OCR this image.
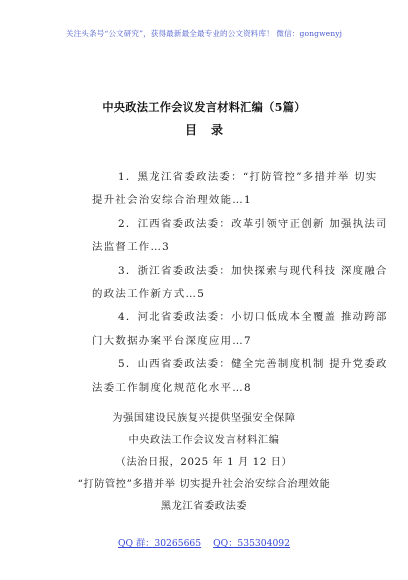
关注头条号“公文研究”，获得最新最全最专业的公文资料库！ 微信：gongwenyj
中央政法工作会议发言材料汇编（5篇）
目录
1．黑龙江省委政法委：“打防管控”多措并举 切实
提升社会治安综合治理效能…1
2．江西省委政法委：改革引领守正创新 加强执法司
法监督工作…3
3．浙江省委政法委：加快探索与现代科技 深度融合
的政法工作新方式…5
4．河北省委政法委：小切口低成本全覆盖 推动跨部
门大数据办案平台深度应用…7
5．山西省委政法委：健全完善制度机制 提升党委政
法委工作制度化规范化水平…8
为强国建设民族复兴提供坚强安全保障
中央政法工作会议发言材料汇编
（法治日报，2025 年 1 月 12 日）
“打防管控”多措并举 切实提升社会治安综合治理效能
黑龙江省委政法委
QQ 群：30265665 QQ：535304092
